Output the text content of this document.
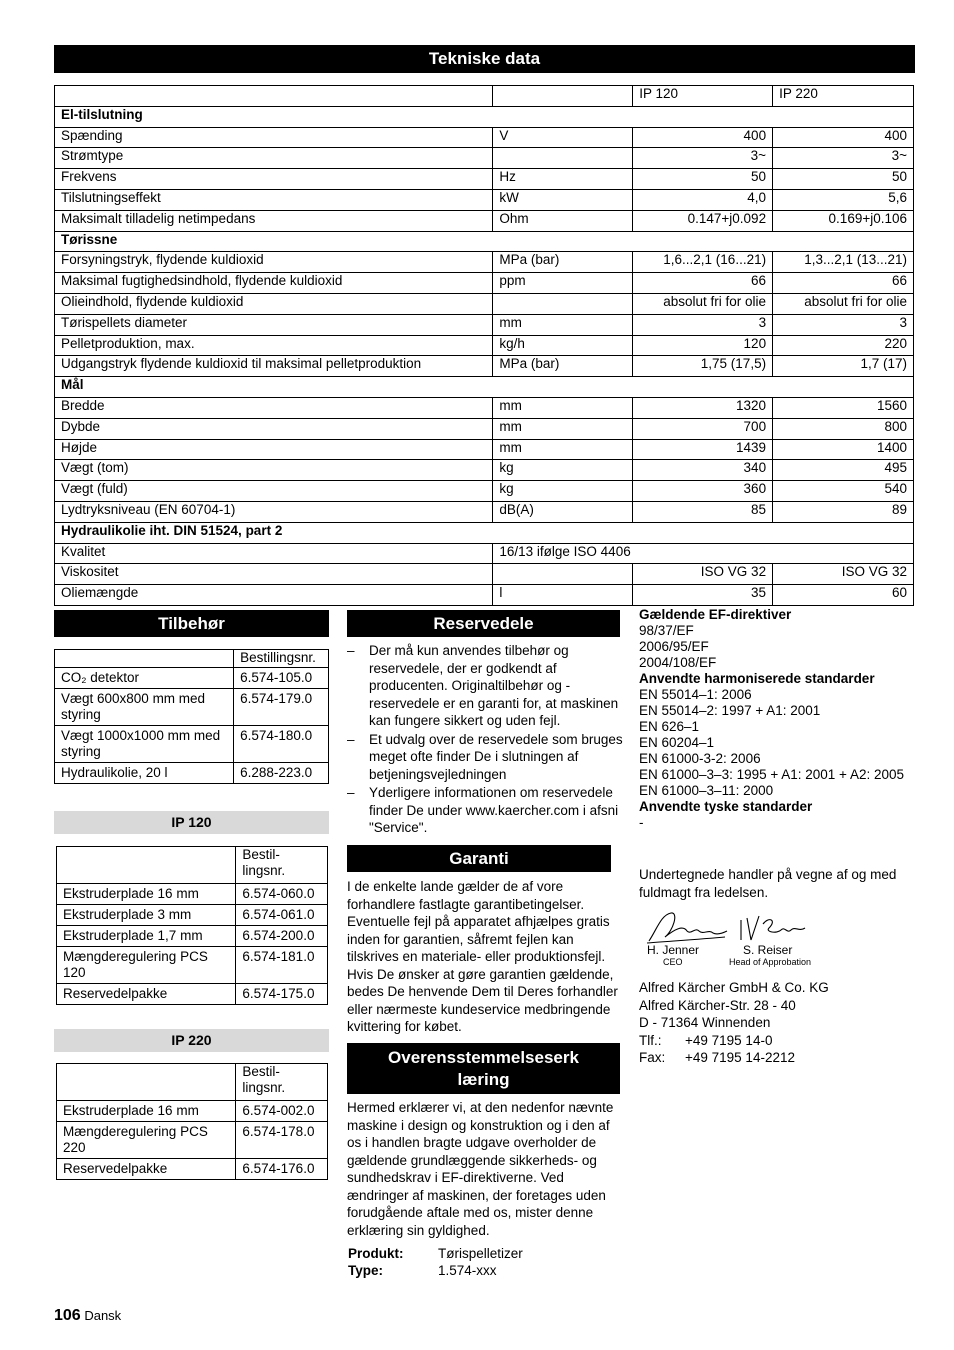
Tekniske data
		IP 120	IP 220
El-tilslutning			
Spænding	V	400	400
Strømtype		3~	3~
Frekvens	Hz	50	50
Tilslutningseffekt	kW	4,0	5,6
Maksimalt tilladelig netimpedans	Ohm	0.147+j0.092	0.169+j0.106
Tørissne			
Forsyningstryk, flydende kuldioxid	MPa (bar)	1,6...2,1 (16...21)	1,3...2,1 (13...21)
Maksimal fugtighedsindhold, flydende kuldioxid	ppm	66	66
Olieindhold, flydende kuldioxid		absolut fri for olie	absolut fri for olie
Tørispellets diameter	mm	3	3
Pelletproduktion, max.	kg/h	120	220
Udgangstryk flydende kuldioxid til maksimal pelletproduktion	MPa (bar)	1,75 (17,5)	1,7 (17)
Mål			
Bredde	mm	1320	1560
Dybde	mm	700	800
Højde	mm	1439	1400
Vægt (tom)	kg	340	495
Vægt (fuld)	kg	360	540
Lydtryksniveau (EN 60704-1)	dB(A)	85	89
Hydraulikolie iht. DIN 51524, part 2			
Kvalitet	16/13 ifølge ISO 4406		
Viskositet		ISO VG 32	ISO VG 32
Oliemængde	l	35	60
Tilbehør
	Bestillingsnr.
CO₂ detektor	6.574-105.0
Vægt 600x800 mm med styring	6.574-179.0
Vægt 1000x1000 mm med styring	6.574-180.0
Hydraulikolie, 20 l	6.288-223.0
IP 120
	Bestil-lingsnr.
Ekstruderplade 16 mm	6.574-060.0
Ekstruderplade 3 mm	6.574-061.0
Ekstruderplade 1,7 mm	6.574-200.0
Mængderegulering PCS 120	6.574-181.0
Reservedelpakke	6.574-175.0
IP 220
	Bestil-lingsnr.
Ekstruderplade 16 mm	6.574-002.0
Mængderegulering PCS 220	6.574-178.0
Reservedelpakke	6.574-176.0
Reservedele
– Der må kun anvendes tilbehør og reservedele, der er godkendt af producenten. Originaltilbehør og -reservedele er en garanti for, at maskinen kan fungere sikkert og uden fejl.
– Et udvalg over de reservedele som bruges meget ofte finder De i slutningen af betjeningsvejledningen
– Yderligere informationen om reservedele finder De under www.kaercher.com i afsni "Service".
Garanti
I de enkelte lande gælder de af vore forhandlere fastlagte garantibetingelser. Eventuelle fejl på apparatet afhjælpes gratis inden for garantien, såfremt fejlen kan tilskrives en materiale- eller produktionsfejl. Hvis De ønsker at gøre garantien gældende, bedes De henvende Dem til Deres forhandler eller nærmeste kundeservice medbringende kvittering for købet.
Overensstemmelseserklæring
Hermed erklærer vi, at den nedenfor nævnte maskine i design og konstruktion og i den af os i handlen bragte udgave overholder de gældende grundlæggende sikkerheds- og sundhedskrav i EF-direktiverne. Ved ændringer af maskinen, der foretages uden forudgående aftale med os, mister denne erklæring sin gyldighed.
Produkt:	Tørispelletizer
Type:	1.574-xxx
Gældende EF-direktiver
98/37/EF
2006/95/EF
2004/108/EF
Anvendte harmoniserede standarder
EN 55014–1: 2006
EN 55014–2: 1997 + A1: 2001
EN 626–1
EN 60204–1
EN 61000-3-2: 2006
EN 61000–3–3: 1995 + A1: 2001 + A2: 2005
EN 61000–3–11: 2000
Anvendte tyske standarder
-
Undertegnede handler på vegne af og med fuldmagt fra ledelsen.
H. Jenner
CEO
S. Reiser
Head of Approbation
Alfred Kärcher GmbH & Co. KG
Alfred Kärcher-Str. 28 - 40
D - 71364 Winnenden
Tlf.: +49 7195 14-0
Fax: +49 7195 14-2212
106 Dansk
